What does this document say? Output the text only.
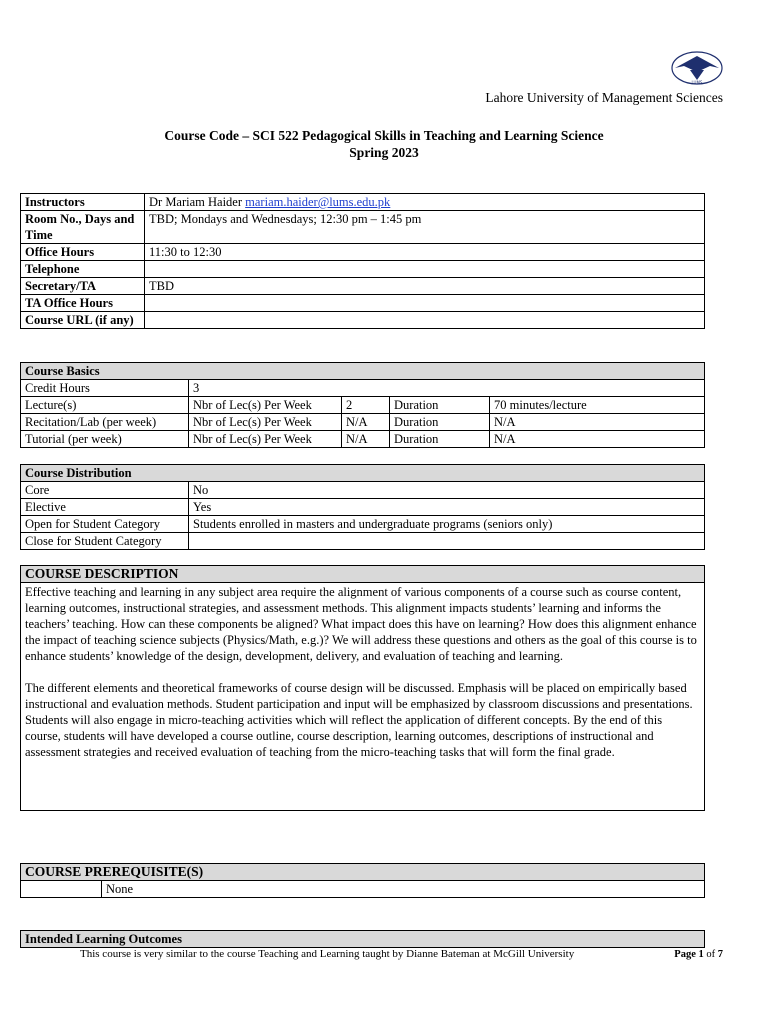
LUMS
Lahore University of Management Sciences
Course Code – SCI 522 Pedagogical Skills in Teaching and Learning Science
Spring 2023
Instructors	Dr Mariam Haider mariam.haider@lums.edu.pk
Room No., Days and Time	TBD; Mondays and Wednesdays; 12:30 pm – 1:45 pm
Office Hours	11:30 to 12:30
Telephone	
Secretary/TA	TBD
TA Office Hours	
Course URL (if any)	
Course Basics				
Credit Hours	3			
Lecture(s)	Nbr of Lec(s) Per Week	2	Duration	70 minutes/lecture
Recitation/Lab (per week)	Nbr of Lec(s) Per Week	N/A	Duration	N/A
Tutorial (per week)	Nbr of Lec(s) Per Week	N/A	Duration	N/A
Course Distribution	
Core	No
Elective	Yes
Open for Student Category	Students enrolled in masters and undergraduate programs (seniors only)
Close for Student Category	
COURSE DESCRIPTION

Effective teaching and learning in any subject area require the alignment of various components of a course such as course content, learning outcomes, instructional strategies, and assessment methods. This alignment impacts students’ learning and informs the teachers’ teaching. How can these components be aligned? What impact does this have on learning? How does this alignment enhance the impact of teaching science subjects (Physics/Math, e.g.)? We will address these questions and others as the goal of this course is to enhance students’ knowledge of the design, development, delivery, and evaluation of teaching and learning.

The different elements and theoretical frameworks of course design will be discussed. Emphasis will be placed on empirically based instructional and evaluation methods. Student participation and input will be emphasized by classroom discussions and presentations. Students will also engage in micro-teaching activities which will reflect the application of different concepts. By the end of this course, students will have developed a course outline, course description, learning outcomes, descriptions of instructional and assessment strategies and received evaluation of teaching from the micro-teaching tasks that will form the final grade.

COURSE PREREQUISITE(S)
	None
Intended Learning Outcomes
This course is very similar to the course Teaching and Learning taught by Dianne Bateman at McGill University	Page 1 of 7
